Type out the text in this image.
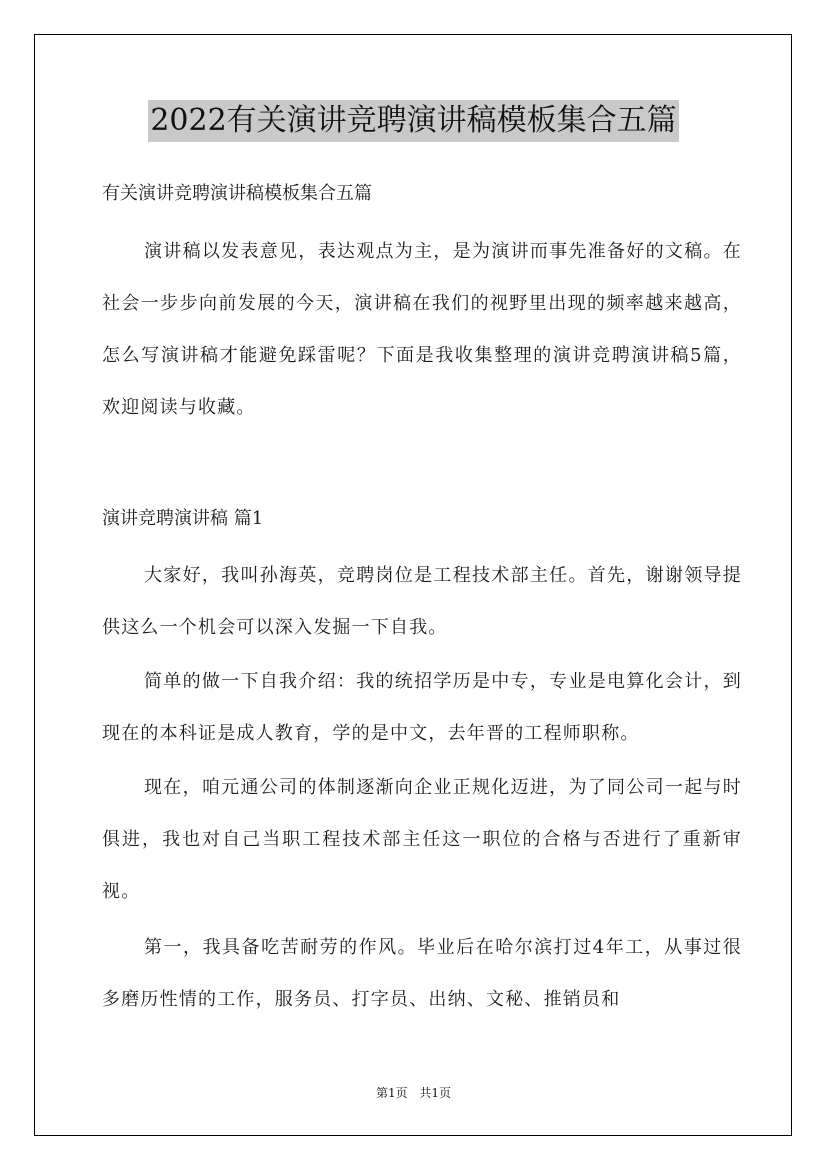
2022有关演讲竞聘演讲稿模板集合五篇
有关演讲竞聘演讲稿模板集合五篇

演讲稿以发表意见，表达观点为主，是为演讲而事先准备好的文稿。在社会一步步向前发展的今天，演讲稿在我们的视野里出现的频率越来越高，怎么写演讲稿才能避免踩雷呢？下面是我收集整理的演讲竞聘演讲稿5篇，欢迎阅读与收藏。

演讲竞聘演讲稿 篇1

大家好，我叫孙海英，竞聘岗位是工程技术部主任。首先，谢谢领导提供这么一个机会可以深入发掘一下自我。

简单的做一下自我介绍：我的统招学历是中专，专业是电算化会计，到现在的本科证是成人教育，学的是中文，去年晋的工程师职称。

现在，咱元通公司的体制逐渐向企业正规化迈进，为了同公司一起与时俱进，我也对自己当职工程技术部主任这一职位的合格与否进行了重新审视。

第一，我具备吃苦耐劳的作风。毕业后在哈尔滨打过4年工，从事过很多磨历性情的工作，服务员、打字员、出纳、文秘、推销员和

第1页 共1页
